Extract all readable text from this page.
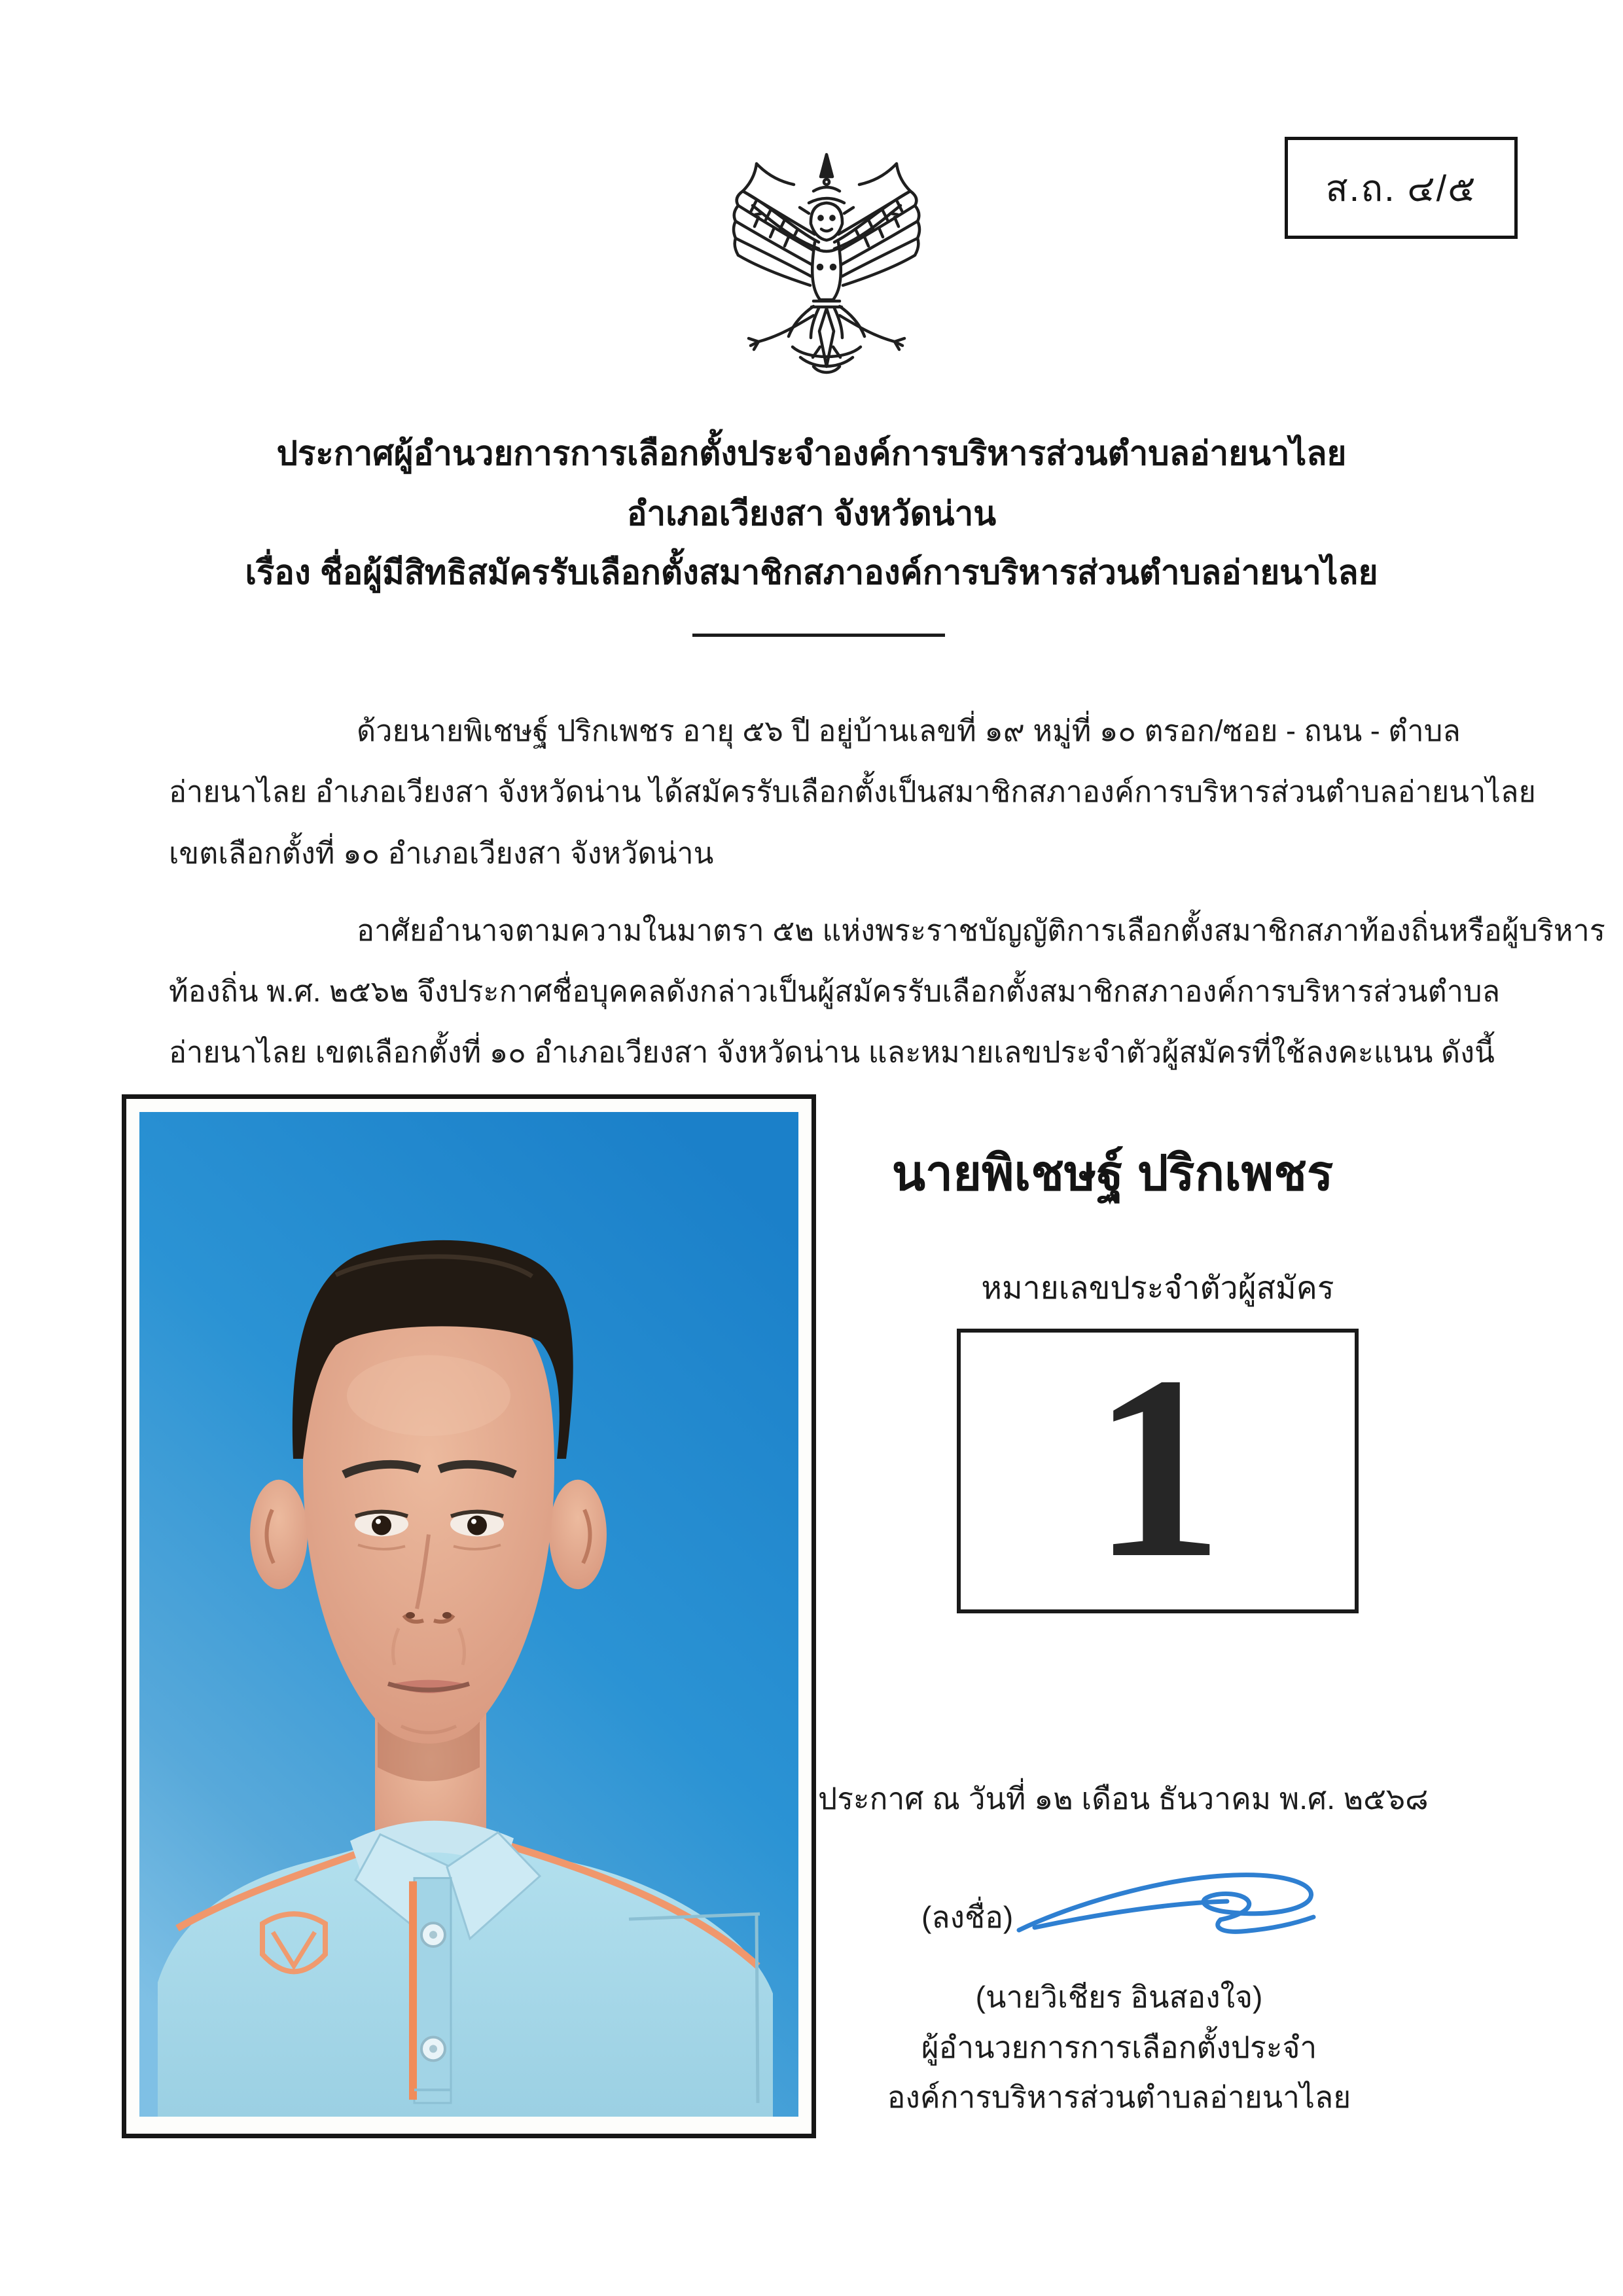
ส.ถ. ๔/๕
ประกาศผู้อำนวยการการเลือกตั้งประจำองค์การบริหารส่วนตำบลอ่ายนาไลย
อำเภอเวียงสา จังหวัดน่าน
เรื่อง ชื่อผู้มีสิทธิสมัครรับเลือกตั้งสมาชิกสภาองค์การบริหารส่วนตำบลอ่ายนาไลย
ด้วยนายพิเชษฐ์ ปริกเพชร อายุ ๕๖ ปี อยู่บ้านเลขที่ ๑๙ หมู่ที่ ๑๐ ตรอก/ซอย - ถนน - ตำบล
อ่ายนาไลย อำเภอเวียงสา จังหวัดน่าน ได้สมัครรับเลือกตั้งเป็นสมาชิกสภาองค์การบริหารส่วนตำบลอ่ายนาไลย
เขตเลือกตั้งที่ ๑๐ อำเภอเวียงสา จังหวัดน่าน
อาศัยอำนาจตามความในมาตรา ๕๒ แห่งพระราชบัญญัติการเลือกตั้งสมาชิกสภาท้องถิ่นหรือผู้บริหาร
ท้องถิ่น พ.ศ. ๒๕๖๒ จึงประกาศชื่อบุคคลดังกล่าวเป็นผู้สมัครรับเลือกตั้งสมาชิกสภาองค์การบริหารส่วนตำบล
อ่ายนาไลย เขตเลือกตั้งที่ ๑๐ อำเภอเวียงสา จังหวัดน่าน และหมายเลขประจำตัวผู้สมัครที่ใช้ลงคะแนน ดังนี้
นายพิเชษฐ์ ปริกเพชร
หมายเลขประจำตัวผู้สมัคร
1
ประกาศ ณ วันที่ ๑๒ เดือน ธันวาคม พ.ศ. ๒๕๖๘
(ลงชื่อ)
(นายวิเชียร อินสองใจ)
ผู้อำนวยการการเลือกตั้งประจำ
องค์การบริหารส่วนตำบลอ่ายนาไลย
